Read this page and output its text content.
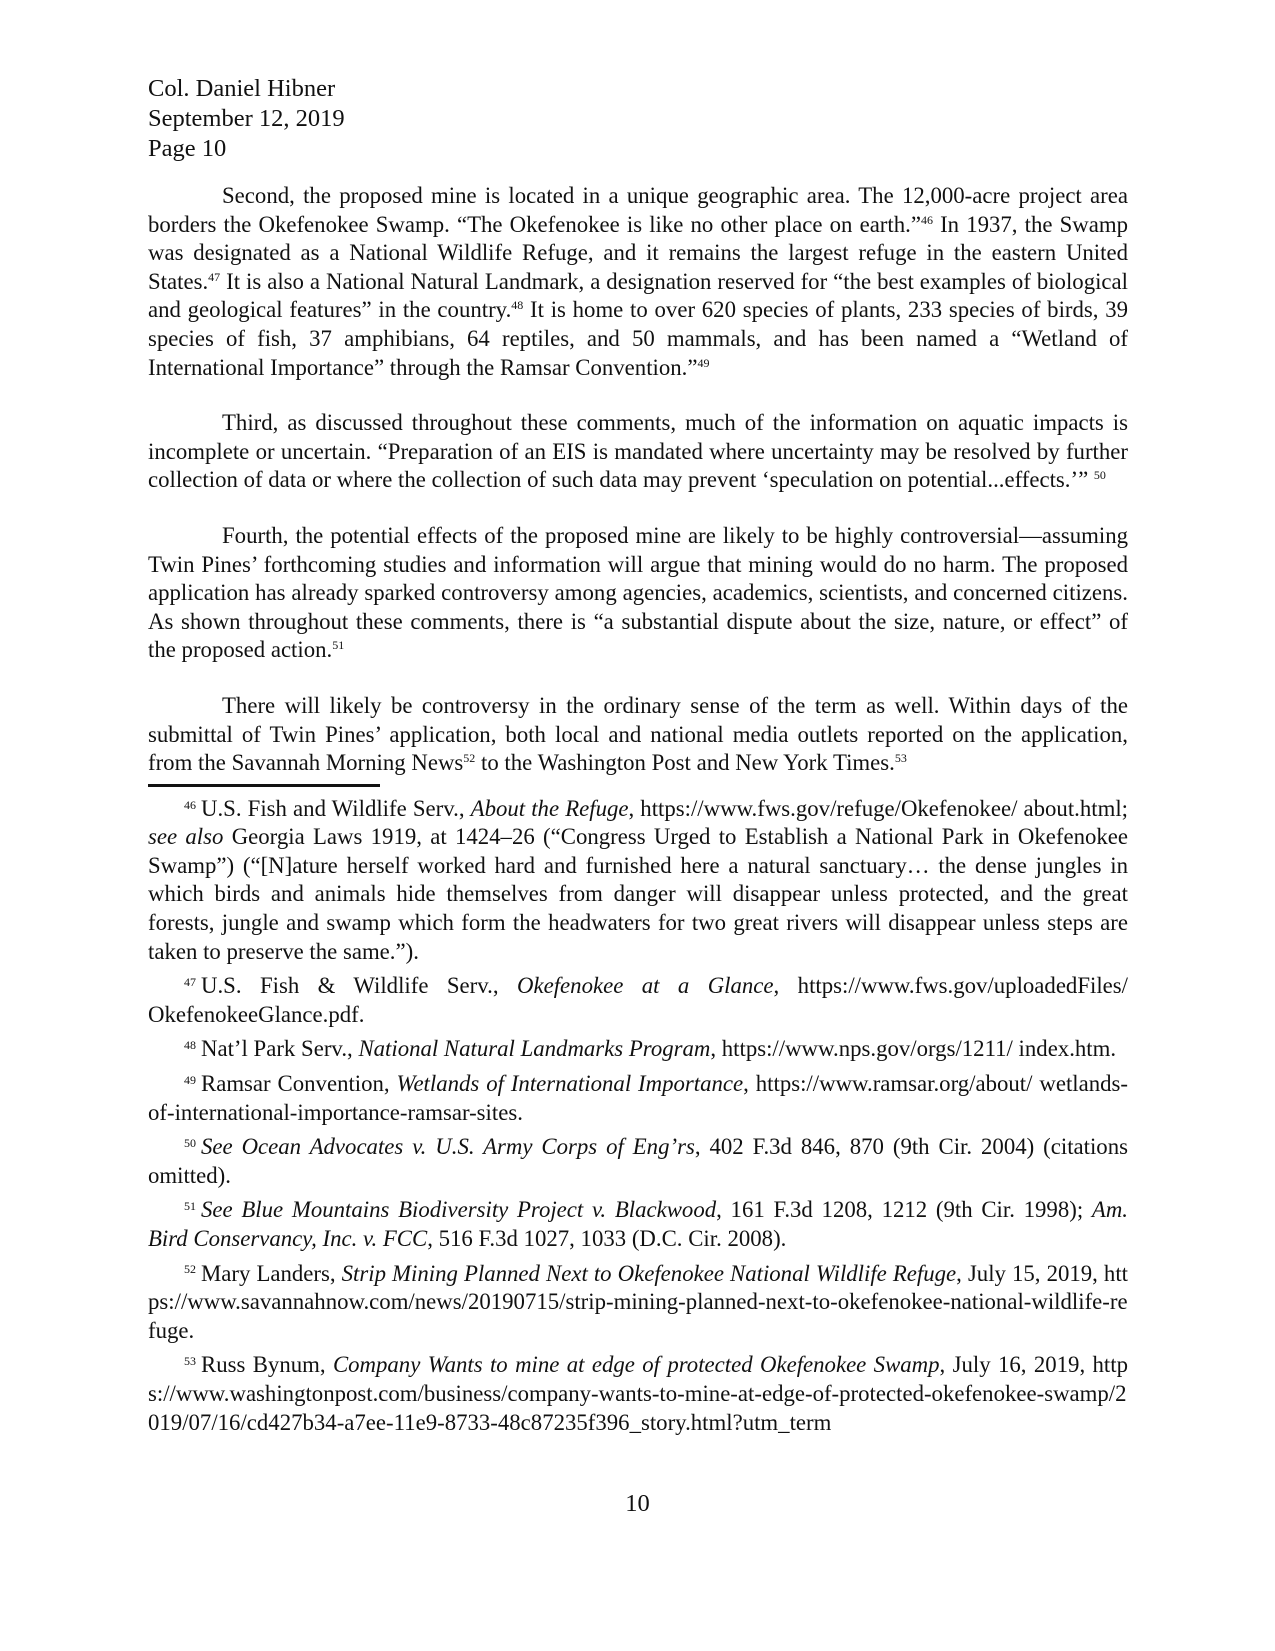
Col. Daniel Hibner
September 12, 2019
Page 10

Second, the proposed mine is located in a unique geographic area. The 12,000-acre project area borders the Okefenokee Swamp. “The Okefenokee is like no other place on earth.”$^{46}$ In 1937, the Swamp was designated as a National Wildlife Refuge, and it remains the largest refuge in the eastern United States.$^{47}$ It is also a National Natural Landmark, a designation reserved for “the best examples of biological and geological features” in the country.$^{48}$ It is home to over 620 species of plants, 233 species of birds, 39 species of fish, 37 amphibians, 64 reptiles, and 50 mammals, and has been named a “Wetland of International Importance” through the Ramsar Convention.”$^{49}$

Third, as discussed throughout these comments, much of the information on aquatic impacts is incomplete or uncertain. “Preparation of an EIS is mandated where uncertainty may be resolved by further collection of data or where the collection of such data may prevent ‘speculation on potential...effects.’” $^{50}$

Fourth, the potential effects of the proposed mine are likely to be highly controversial—assuming Twin Pines’ forthcoming studies and information will argue that mining would do no harm. The proposed application has already sparked controversy among agencies, academics, scientists, and concerned citizens. As shown throughout these comments, there is “a substantial dispute about the size, nature, or effect” of the proposed action.$^{51}$

There will likely be controversy in the ordinary sense of the term as well. Within days of the submittal of Twin Pines’ application, both local and national media outlets reported on the application, from the Savannah Morning News$^{52}$ to the Washington Post and New York Times.$^{53}$

$^{46}$ U.S. Fish and Wildlife Serv., About the Refuge, https://www.fws.gov/refuge/Okefenokee/ about.html; see also Georgia Laws 1919, at 1424–26 (“Congress Urged to Establish a National Park in Okefenokee Swamp”) (“[N]ature herself worked hard and furnished here a natural sanctuary… the dense jungles in which birds and animals hide themselves from danger will disappear unless protected, and the great forests, jungle and swamp which form the headwaters for two great rivers will disappear unless steps are taken to preserve the same.”).
$^{47}$ U.S. Fish & Wildlife Serv., Okefenokee at a Glance, https://www.fws.gov/uploadedFiles/ OkefenokeeGlance.pdf.
$^{48}$ Nat’l Park Serv., National Natural Landmarks Program, https://www.nps.gov/orgs/1211/ index.htm.
$^{49}$ Ramsar Convention, Wetlands of International Importance, https://www.ramsar.org/about/ wetlands-of-international-importance-ramsar-sites.
$^{50}$ See Ocean Advocates v. U.S. Army Corps of Eng’rs, 402 F.3d 846, 870 (9th Cir. 2004) (citations omitted).
$^{51}$ See Blue Mountains Biodiversity Project v. Blackwood, 161 F.3d 1208, 1212 (9th Cir. 1998); Am. Bird Conservancy, Inc. v. FCC, 516 F.3d 1027, 1033 (D.C. Cir. 2008).
$^{52}$ Mary Landers, Strip Mining Planned Next to Okefenokee National Wildlife Refuge, July 15, 2019, https://www.savannahnow.com/news/20190715/strip-mining-planned-next-to-okefenokee-national-wildlife-refuge.
$^{53}$ Russ Bynum, Company Wants to mine at edge of protected Okefenokee Swamp, July 16, 2019, https://www.washingtonpost.com/business/company-wants-to-mine-at-edge-of-protected-okefenokee-swamp/2019/07/16/cd427b34-a7ee-11e9-8733-48c87235f396_story.html?utm_term
10
